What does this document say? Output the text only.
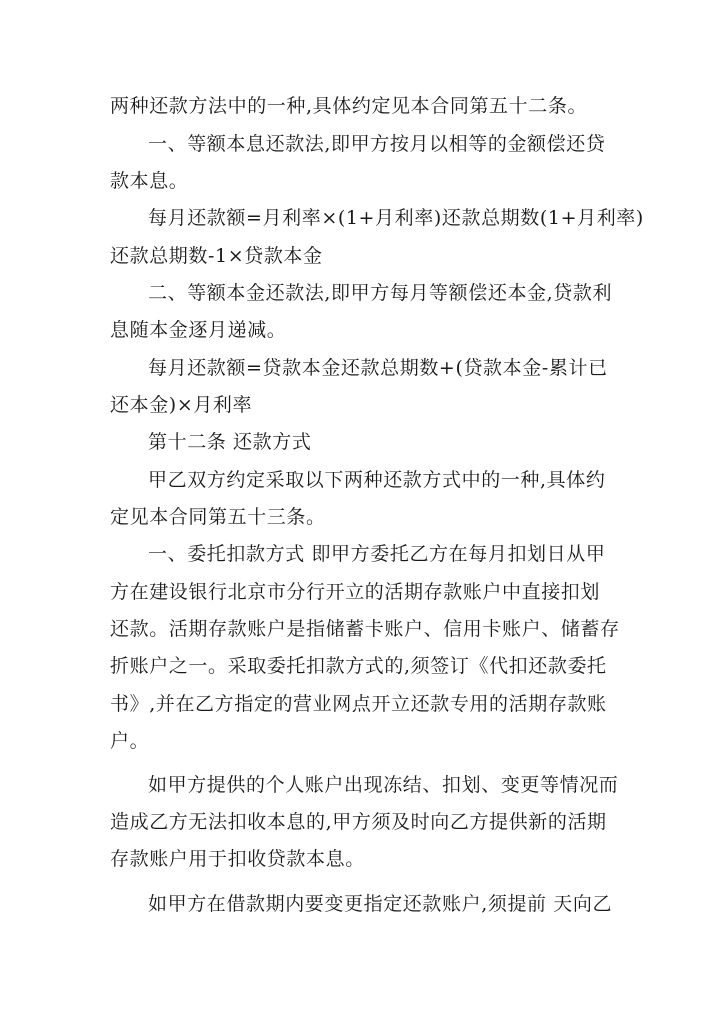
两种还款方法中的一种,具体约定见本合同第五十二条。
一、等额本息还款法,即甲方按月以相等的金额偿还贷
款本息。
每月还款额=月利率×(1+月利率)还款总期数(1+月利率)
还款总期数-1×贷款本金
二、等额本金还款法,即甲方每月等额偿还本金,贷款利
息随本金逐月递减。
每月还款额=贷款本金还款总期数+(贷款本金-累计已
还本金)×月利率
第十二条 还款方式
甲乙双方约定采取以下两种还款方式中的一种,具体约
定见本合同第五十三条。
一、委托扣款方式 即甲方委托乙方在每月扣划日从甲
方在建设银行北京市分行开立的活期存款账户中直接扣划
还款。活期存款账户是指储蓄卡账户、信用卡账户、储蓄存
折账户之一。采取委托扣款方式的,须签订《代扣还款委托
书》,并在乙方指定的营业网点开立还款专用的活期存款账
户。
如甲方提供的个人账户出现冻结、扣划、变更等情况而
造成乙方无法扣收本息的,甲方须及时向乙方提供新的活期
存款账户用于扣收贷款本息。
如甲方在借款期内要变更指定还款账户,须提前 天向乙
